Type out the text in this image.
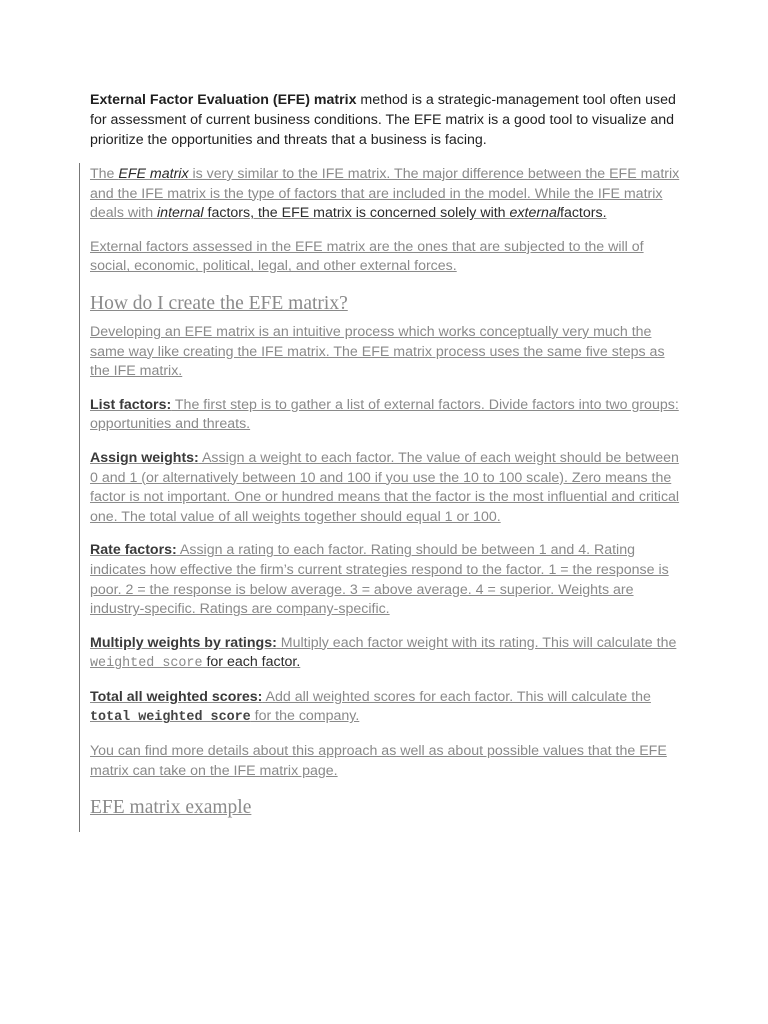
External Factor Evaluation (EFE) matrix method is a strategic-management tool often used for assessment of current business conditions. The EFE matrix is a good tool to visualize and prioritize the opportunities and threats that a business is facing.

The EFE matrix is very similar to the IFE matrix. The major difference between the EFE matrix and the IFE matrix is the type of factors that are included in the model. While the IFE matrix deals with internal factors, the EFE matrix is concerned solely with externalfactors.

External factors assessed in the EFE matrix are the ones that are subjected to the will of social, economic, political, legal, and other external forces.

How do I create the EFE matrix?

Developing an EFE matrix is an intuitive process which works conceptually very much the same way like creating the IFE matrix. The EFE matrix process uses the same five steps as the IFE matrix.

List factors: The first step is to gather a list of external factors. Divide factors into two groups: opportunities and threats.

Assign weights: Assign a weight to each factor. The value of each weight should be between 0 and 1 (or alternatively between 10 and 100 if you use the 10 to 100 scale). Zero means the factor is not important. One or hundred means that the factor is the most influential and critical one. The total value of all weights together should equal 1 or 100.

Rate factors: Assign a rating to each factor. Rating should be between 1 and 4. Rating indicates how effective the firm’s current strategies respond to the factor. 1 = the response is poor. 2 = the response is below average. 3 = above average. 4 = superior. Weights are industry-specific. Ratings are company-specific.

Multiply weights by ratings: Multiply each factor weight with its rating. This will calculate the weighted score for each factor.

Total all weighted scores: Add all weighted scores for each factor. This will calculate the total weighted score for the company.

You can find more details about this approach as well as about possible values that the EFE matrix can take on the IFE matrix page.

EFE matrix example
